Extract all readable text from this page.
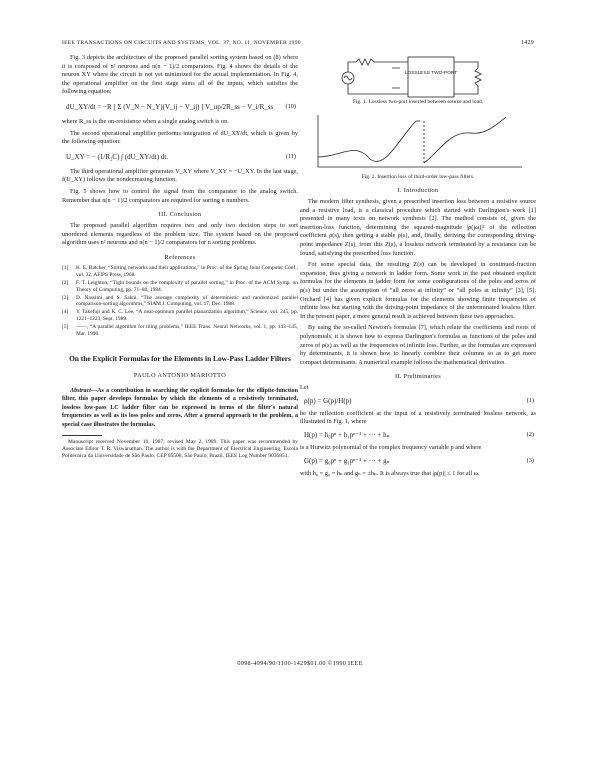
IEEE TRANSACTIONS ON CIRCUITS AND SYSTEMS, VOL. 37, NO. 11, NOVEMBER 1990	1429

Fig. 3 depicts the architecture of the proposed parallel sorting system based on (8) where it is composed of n² neurons and n(n − 1)/2 comparators. Fig. 4 shows the details of the neuron XY where the circuit is not yet minimized for the actual implementation. In Fig. 4, the operational amplifier on the first stage sums all of the inputs, which satisfies the following equation:

dU_XY/dt = −R [ Σ (V_N − N_Y)(V_ij − V_ij) ] V_up/2R_ss − V_i/R_ss (10)

where R_ss is the on-resistance when a single analog switch is on.

The second operational amplifier performs integration of dU_XY/dt, which is given by the following equation:

U_XY = − (1/R₂C) ∫ (dU_XY/dt) dt.	(11)

The third operational amplifier generates V_XY where V_XY = −U_XY. In the last stage, f(U_XY) follows the nondecreasing function.

Fig. 5 shows how to control the signal from the comparator to the analog switch. Remember that n(n − 1)/2 comparators are required for sorting n numbers.

III. Conclusion

The proposed parallel algorithm requires two and only two decision steps to sort unordered elements regardless of the problem size. The system based on the proposed algorithm uses n² neurons and n(n − 1)/2 comparators for n sorting problems.

References
[1] K. E. Batcher, “Sorting networks and their applications,” in Proc. of the Spring Joint Computer Conf., vol. 32, AFIPS Press, 1968.
[2] F. T. Leighton, “Tight bounds on the complexity of parallel sorting,” in Proc. of the ACM Symp. on Theory of Computing, pp. 71–80, 1984.
[3] D. Nassimi and S. Sahni, “The average complexity of deterministic and randomized parallel comparison-sorting algorithms,” SIAM J. Computing, vol. 17, Dec. 1988.
[4] Y. Takefuji and K. C. Lee, “A near-optimum parallel planarization algorithm,” Science, vol. 245, pp. 1221–1223, Sept. 1989.
[5] ——, “A parallel algorithm for tiling problems,” IEEE Trans. Neural Networks, vol. 1, pp. 143–145, Mar. 1990.
On the Explicit Formulas for the Elements in Low-Pass Ladder Filters
PAULO ANTONIO MARIOTTO

Abstract—As a contribution in searching the explicit formulas for the elliptic-function filter, this paper develops formulas by which the elements of a resistively terminated, lossless low-pass LC ladder filter can be expressed in terms of the filter's natural frequencies as well as its loss poles and zeros. After a general approach to the problem, a special case illustrates the formulas.

Manuscript received November 10, 1987; revised May 2, 1989. This paper was recommended by Associate Editor T. R. Viswanathan. The author is with the Department of Electrical Engineering, Escola Politécnica da Universidade de São Paulo, CEP 05508, São Paulo, Brazil. IEEE Log Number 9036851.

LOSSLESS TWO-PORT
Fig. 1. Lossless two-port inserted between source and load.
Fig. 2. Insertion loss of third-order low-pass filters.
I. Introduction

The modern filter synthesis, given a prescribed insertion loss between a resistive source and a resistive load, is a classical procedure which started with Darlington's work [1] presented in many texts on network synthesis [2]. The method consists of, given the insertion-loss function, determining the squared-magnitude |ρ(jω)|² of the reflection coefficient ρ(s), then getting a stable ρ(s), and, finally, deriving the corresponding driving-point impedance Z(s), from this Z(s), a lossless network terminated by a resistance can be found, satisfying the prescribed loss function.

For some special data, the resulting Z(s) can be developed in continued-fraction expansion, thus giving a network in ladder form. Some work in the past obtained explicit formulas for the elements in ladder form for some configurations of the poles and zeros of ρ(s) but under the assumption of “all zeros at infinity” or “all poles at infinity” [3], [5]. Orchard [4] has given explicit formulas for the elements showing finite frequencies of infinite loss but starting with the driving-point impedance of the unterminated lossless filter. In the present paper, a more general result is achieved between these two approaches.

By using the so-called Newton's formulas [7], which relate the coefficients and roots of polynomials, it is shown how to express Darlington's formulas as functions of the poles and zeros of ρ(s) as well as the frequencies of infinite loss. Further, as the formulas are expressed by determinants, it is shown how to linearly combine their columns so as to get more compact determinants. A numerical example follows the mathematical derivation.

II. Preliminaries

Let

ρ(p) = G(p)/H(p)	(1)

be the reflection coefficient at the input of a resistively terminated lossless network, as illustrated in Fig. 1, where

H(p) = h₀pⁿ + h₁pⁿ⁻¹ + ··· + hₙ	(2)

is a Hurwitz polynomial of the complex frequency variable p and where

G(p) = g₀pⁿ + g₁pⁿ⁻¹ + ··· + gₙ	(3)

with h₀ = g₀ = hₙ and gₙ = ±hₙ. It is always true that |ρ(p)| ≤ 1 for all ω.

0098-4094/90/1100-1429$01.00 ©1990 IEEE
